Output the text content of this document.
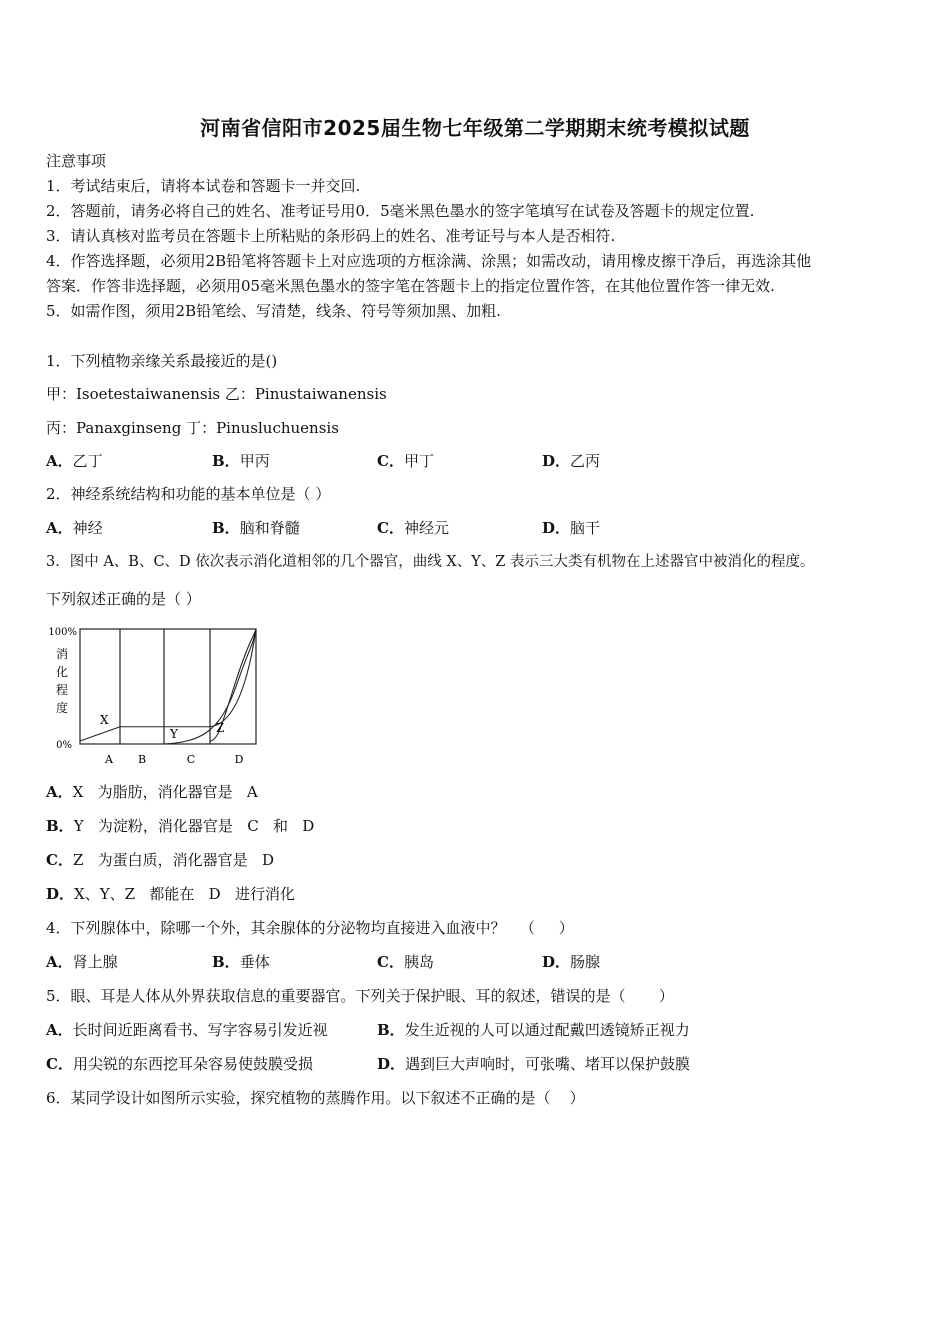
河南省信阳市2025届生物七年级第二学期期末统考模拟试题
注意事项
1．考试结束后，请将本试卷和答题卡一并交回.
2．答题前，请务必将自己的姓名、准考证号用0．5毫米黑色墨水的签字笔填写在试卷及答题卡的规定位置.
3．请认真核对监考员在答题卡上所粘贴的条形码上的姓名、准考证号与本人是否相符.
4．作答选择题，必须用2B铅笔将答题卡上对应选项的方框涂满、涂黑；如需改动，请用橡皮擦干净后，再选涂其他
答案．作答非选择题，必须用05毫米黑色墨水的签字笔在答题卡上的指定位置作答，在其他位置作答一律无效.
5．如需作图，须用2B铅笔绘、写清楚，线条、符号等须加黑、加粗.
1．下列植物亲缘关系最接近的是()
甲：Isoetestaiwanensis 乙：Pinustaiwanensis
丙：Panaxginseng 丁：Pinusluchuensis
A．乙丁	B．甲丙	C．甲丁	D．乙丙
2．神经系统结构和功能的基本单位是（ ）
A．神经	B．脑和脊髓	C．神经元	D．脑干
3．图中 A、B、C、D 依次表示消化道相邻的几个器官，曲线 X、Y、Z 表示三大类有机物在上述器官中被消化的程度。
下列叙述正确的是（ ）
100%
0%
消
化
程
度
A B	C	D
X
Y	Z
A．X   为脂肪，消化器官是   A
B．Y   为淀粉，消化器官是   C   和   D
C．Z   为蛋白质，消化器官是   D
D．X、Y、Z   都能在   D   进行消化
4．下列腺体中，除哪一个外，其余腺体的分泌物均直接进入血液中？   （     ）
A．肾上腺	B．垂体	C．胰岛	D．肠腺
5．眼、耳是人体从外界获取信息的重要器官。下列关于保护眼、耳的叙述，错误的是（       ）
A．长时间近距离看书、写字容易引发近视	B．发生近视的人可以通过配戴凹透镜矫正视力
C．用尖锐的东西挖耳朵容易使鼓膜受损	D．遇到巨大声响时，可张嘴、堵耳以保护鼓膜
6．某同学设计如图所示实验，探究植物的蒸腾作用。以下叙述不正确的是（    ）
